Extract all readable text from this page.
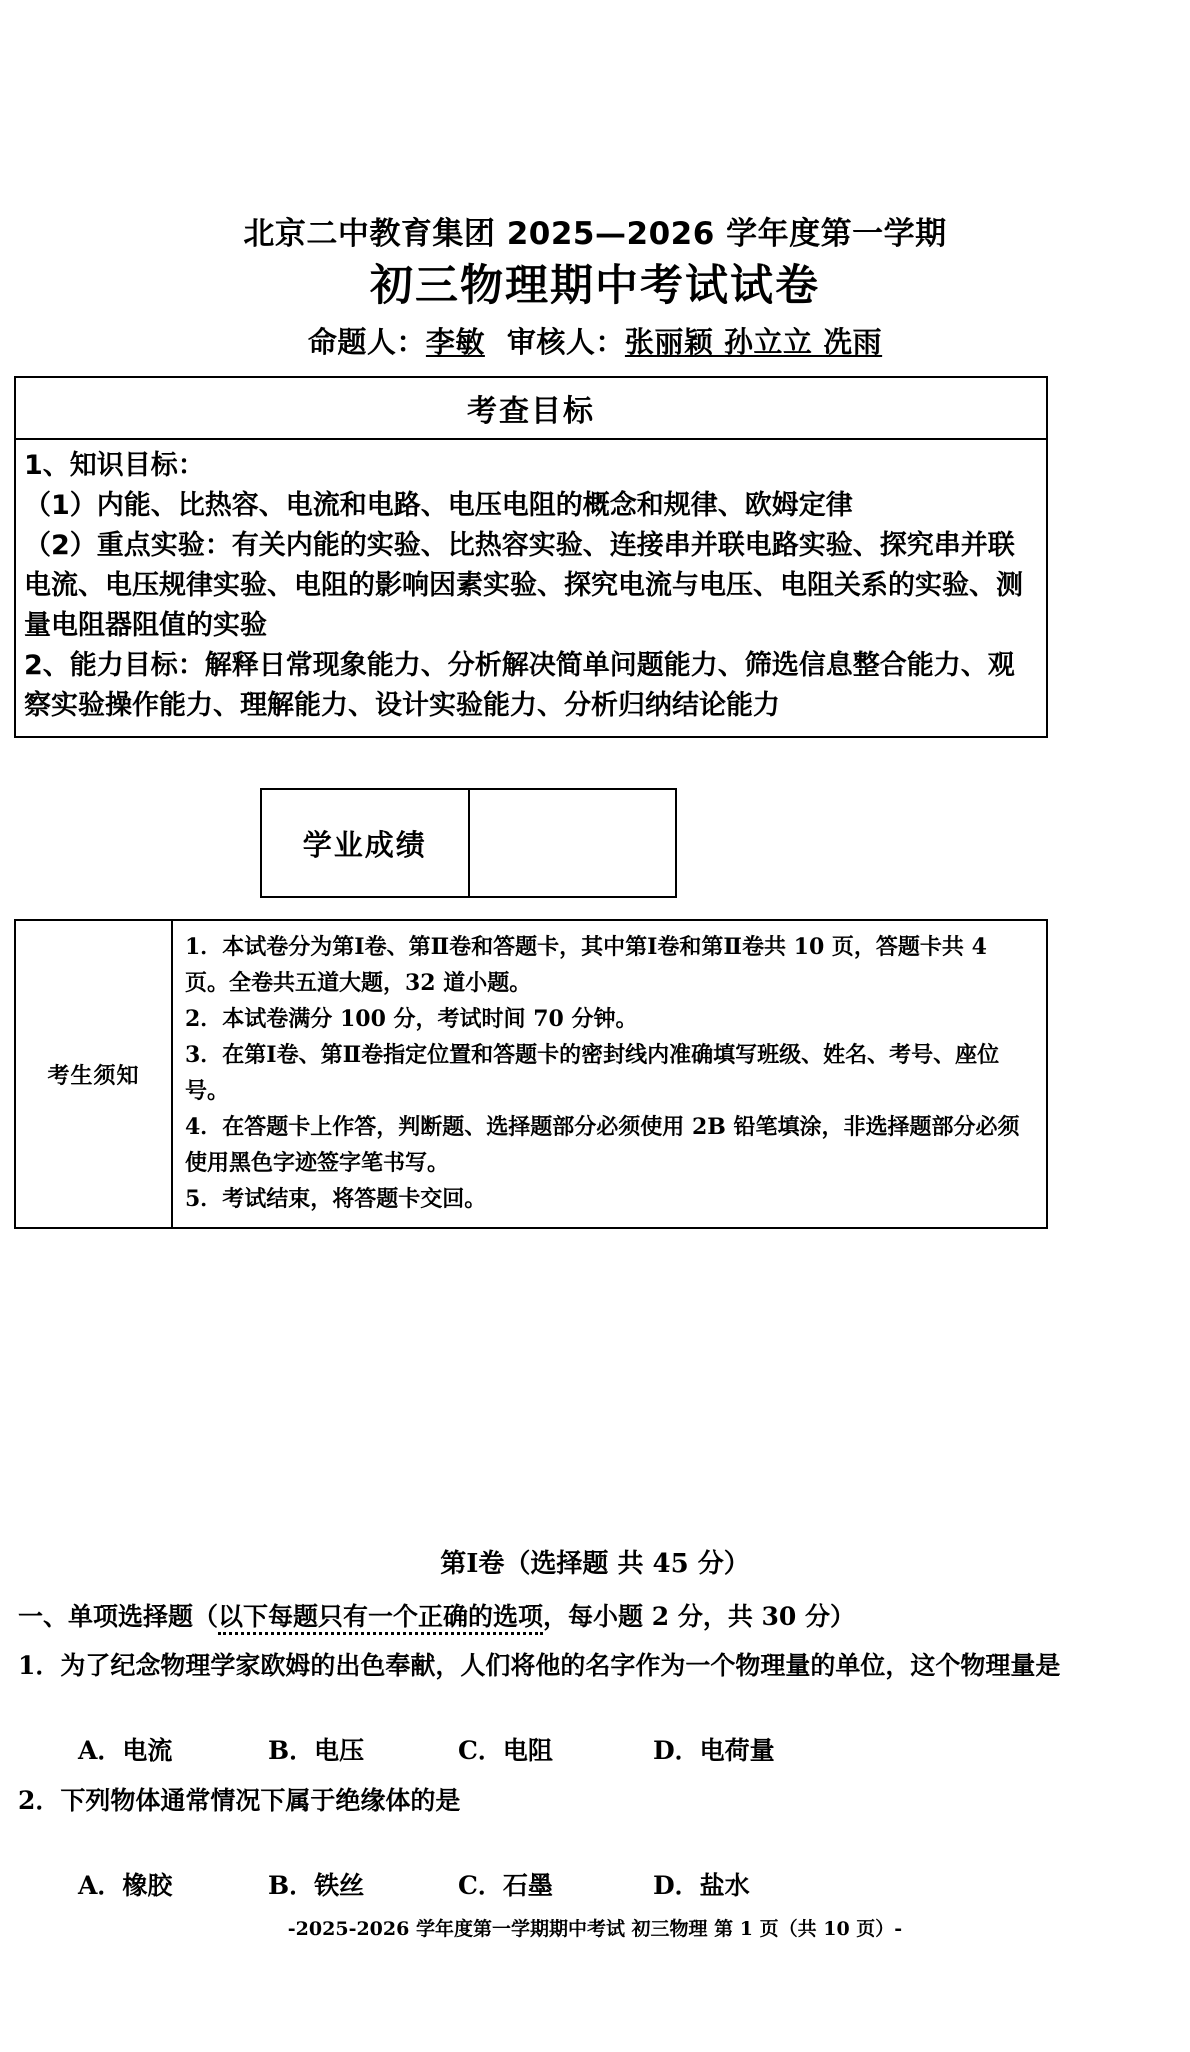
北京二中教育集团 2025—2026 学年度第一学期
初三物理期中考试试卷
命题人：李敏 审核人：张丽颖 孙立立 冼雨
考查目标

1、知识目标：

（1）内能、比热容、电流和电路、电压电阻的概念和规律、欧姆定律

（2）重点实验：有关内能的实验、比热容实验、连接串并联电路实验、探究串并联电流、电压规律实验、电阻的影响因素实验、探究电流与电压、电阻关系的实验、测量电阻器阻值的实验

2、能力目标：解释日常现象能力、分析解决简单问题能力、筛选信息整合能力、观察实验操作能力、理解能力、设计实验能力、分析归纳结论能力

学业成绩
考生须知

1．本试卷分为第Ⅰ卷、第Ⅱ卷和答题卡，其中第Ⅰ卷和第Ⅱ卷共 10 页，答题卡共 4 页。全卷共五道大题，32 道小题。

2．本试卷满分 100 分，考试时间 70 分钟。

3．在第Ⅰ卷、第Ⅱ卷指定位置和答题卡的密封线内准确填写班级、姓名、考号、座位号。

4．在答题卡上作答，判断题、选择题部分必须使用 2B 铅笔填涂，非选择题部分必须使用黑色字迹签字笔书写。

5．考试结束，将答题卡交回。

第I卷（选择题 共 45 分）
一、单项选择题（以下每题只有一个正确的选项，每小题 2 分，共 30 分）

1．为了纪念物理学家欧姆的出色奉献，人们将他的名字作为一个物理量的单位，这个物理量是

A．电流	B．电压	C．电阻	D．电荷量

2．下列物体通常情况下属于绝缘体的是

A．橡胶	B．铁丝	C．石墨	D．盐水
-2025-2026 学年度第一学期期中考试 初三物理 第 1 页（共 10 页）-
